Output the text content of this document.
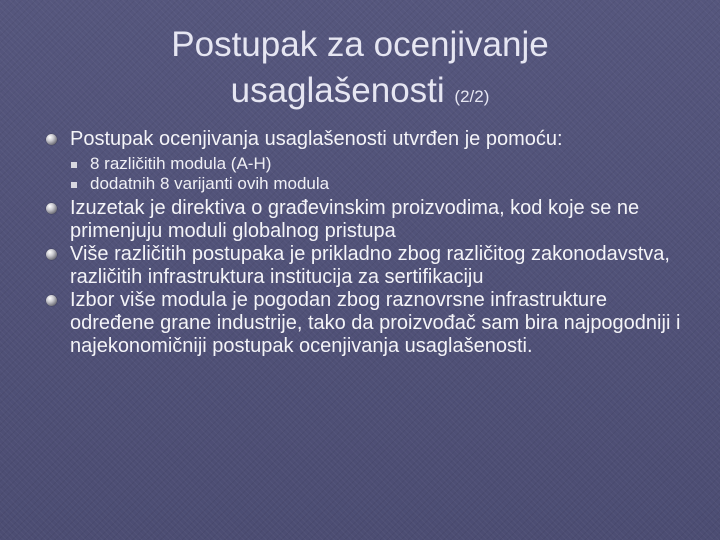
Postupak za ocenjivanje
usaglašenosti (2/2)
Postupak ocenjivanja usaglašenosti utvrđen je pomoću:
8 različitih modula (A-H)
dodatnih 8 varijanti ovih modula
Izuzetak je direktiva o građevinskim proizvodima, kod koje se ne primenjuju moduli globalnog pristupa
Više različitih postupaka je prikladno zbog različitog zakonodavstva, različitih infrastruktura institucija za sertifikaciju
Izbor više modula je pogodan zbog raznovrsne infrastrukture određene grane industrije, tako da proizvođač sam bira najpogodniji i najekonomičniji postupak ocenjivanja usaglašenosti.
